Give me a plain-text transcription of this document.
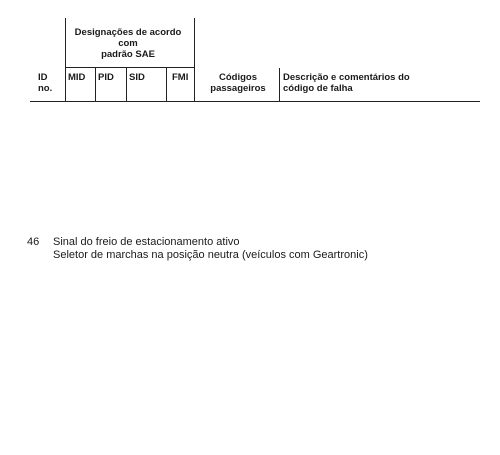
Designações de acordo
com
padrão SAE
ID
no.
MID PID SID	FMI	Códigos
passageiros
Descrição e comentários do
código de falha
46 Sinal do freio de estacionamento ativo
Seletor de marchas na posição neutra (veículos com Geartronic)
